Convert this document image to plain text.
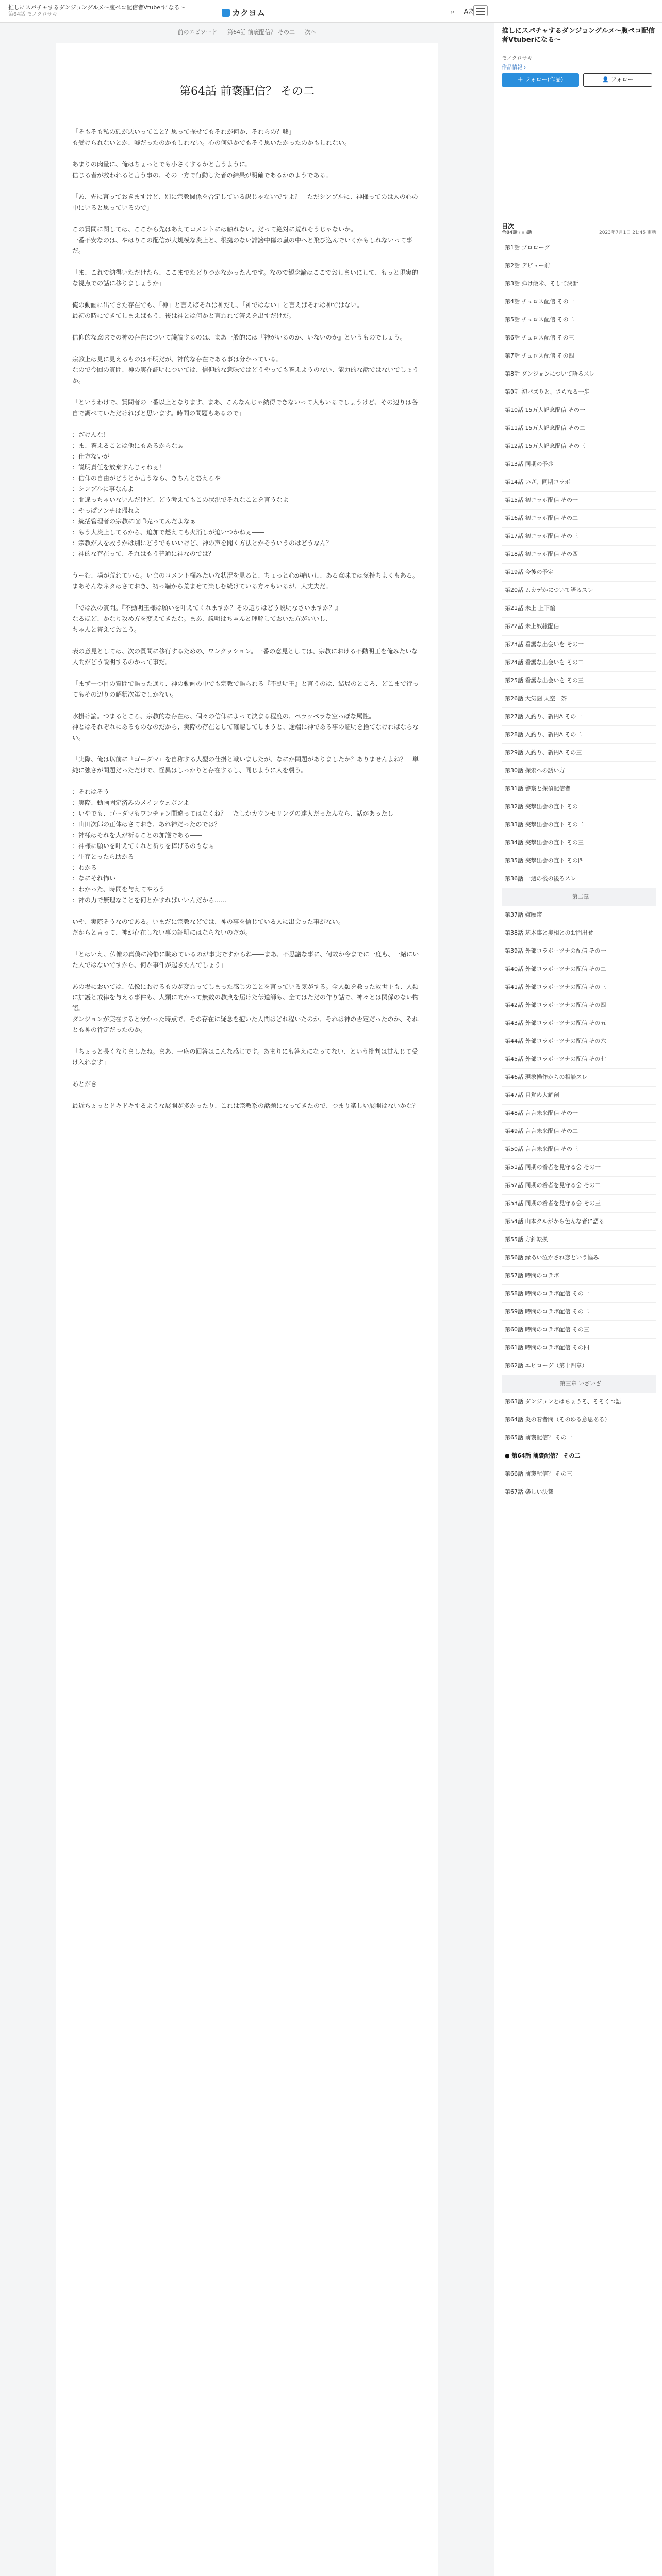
推しにスパチャするダンジョングルメ～腹ペコ配信者Vtuberになる～
第64話 モノクロサキ	カクヨム	⌕ Aあ
前のエピソード 第64話 前褒配信？ その二 次へ
第64話 前褒配信？ その二

「そもそも私の頭が悪いってこと？思って探せてもそれが何か、それらの？嘘」

も受けられないとか、嘘だったのかもしれない。心の何処かでもそう思いたかったのかもしれない。

あまりの肉量に、俺はちょっとでも小さくするかと言うように。

信じる者が救われると言う事の、その一方で行動した者の結果が明確であるかのようである。

「あ、先に言っておきますけど、別に宗教関係を否定している訳じゃないですよ？　ただシンプルに、神様ってのは人の心の中にいると思っているので」

この質問に関しては、ここから先はあえてコメントには触れない。だって絶対に荒れそうじゃないか。

一番不安なのは、やはりこの配信が大規模な炎上と、根拠のない誹謗中傷の嵐の中へと飛び込んでいくかもしれないって事だ。

「ま、これで納得いただけたら、ここまでたどりつかなかったんです。なので観念論はここでおしまいにして、もっと現実的な視点での話に移りましょうか」

俺の動画に出てきた存在でも、「神」と言えばそれは神だし、「神ではない」と言えばそれは神ではない。

最初の時にできてしまえばもう、後は神とは何かと言われて答えを出すだけだ。

信仰的な意味での神の存在について議論するのは、まあ一般的には『神がいるのか、いないのか』というものでしょう。

宗教上は見に見えるものは不明だが、神的な存在である事は分かっている。

なので今回の質問、神の実在証明については、信仰的な意味ではどうやっても答えようのない、能力的な話ではないでしょうか。

「というわけで、質問者の一番以上となります、まあ、こんなんじゃ納得できないって人もいるでしょうけど、その辺りは各自で調べていただければと思います。時間の問題もあるので」

：ざけんな！

：ま、答えることは他にもあるからなぁ――

：仕方ないが

：説明責任を放棄すんじゃねぇ！

：信仰の自由がどうとか言うなら、きちんと答えろや

：シンプルに事なんよ

：間違っちゃいないんだけど、どう考えてもこの状況でそれなことを言うなよ――

：やっぱアンチは帰れよ

：統括管理者の宗教に喧嘩売ってんだよなぁ

：もう大炎上してるから、追加で燃えても火消しが追いつかねぇ――

：宗教が人を救うかは別にどうでもいいけど、神の声を聞く方法とかそういうのはどうなん？

：神的な存在って、それはもう普通に神なのでは？

うーむ、場が荒れている。いまのコメント欄みたいな状況を見ると、ちょっと心が痛いし、ある意味では気持ちよくもある。

まあそんなネタはさておき、初っ端から荒ませて楽しむ続けている方々もいるが、大丈夫だ。

「では次の質問。『不動明王様は願いを叶えてくれますか？その辺りはどう説明なさいますか？』

なるほど、かなり攻め方を変えてきたな。まあ、説明はちゃんと理解しておいた方がいいし、

ちゃんと答えておこう。

表の意見としては、次の質問に移行するための、ワンクッション。一番の意見としては、宗教における不動明王を俺みたいな人間がどう説明するのかって事だ。

「まず一つ目の質問で語った通り、神の動画の中でも宗教で語られる『不動明王』と言うのは、結局のところ、どこまで行ってもその辺りの解釈次第でしかない。

水掛け論。つまるところ、宗教的な存在は、個々の信仰によって決まる程度の、ペラッペラな空っぽな属性。

神とはそれぞれにあるものなのだから、実際の存在として確認してしまうと、途端に神である事の証明を捨てなければならない。

「実際、俺は以前に『ゴーダマ』を自称する人型の仕掛と戦いましたが、なにか問題がありましたか？ありませんよね？　単純に強さが問題だっただけで、怪異はしっかりと存在するし、同じように人を襲う。

：それはそう

：実際、動画固定済みのメインウェポンよ

：いやでも、ゴーダマもワンチャン間違ってはなくね？　たしかカウンセリングの達人だったんなら、話があったし

：山田次郎の正体はさておき、あれ神だったのでは？

：神様はそれを人が祈ることの加護である――

：神様に願いを叶えてくれと祈りを捧げるのもなぁ

：生存とったら助かる

：わかる

：なにそれ怖い

：わかった、時間を与えてやろう

：神の力で無理なことを何とかすればいいんだから……

いや、実際そうなのである。いまだに宗教などでは、神の事を信じている人に出会った事がない。

だからと言って、神が存在しない事の証明にはならないのだが。

「とはいえ、仏像の真偽に冷静に眺めているのが事実ですからね――まあ、不思議な事に、何故か今までに一度も、一緒にいた人ではないですから、何か事件が起きたんでしょう」

あの場においては、仏像におけるものが変わってしまった感じのことを言っている気がする。全人類を救った救世主も、人類に加護と戒律を与える事件も、人類に向かって無数の教典を届けた伝道師も、全てはただの作り話で、神々とは関係のない物語。

ダンジョンが実在すると分かった時点で、その存在に疑念を抱いた人間はどれ程いたのか、それは神の否定だったのか、それとも神の肯定だったのか。

「ちょっと長くなりましたね。まあ、一応の回答はこんな感じです。あまりにも答えになってない、という批判は甘んじて受け入れます」

あとがき

最近ちょっとドキドキするような展開が多かったり、これは宗教系の話題になってきたので、つまり楽しい展開はないかな？

推しにスパチャするダンジョングルメ～腹ペコ配信者Vtuberになる～
モノクロサキ
作品情報 ›
＋ フォロー(作品)	👤 フォロー
目次
全84話 ○○話	2023年7月1日 21:45 更新
第1話 プロローグ
第2話 デビュー前
第3話 弾け飯米、そして決断
第4話 チュロス配信 その一
第5話 チュロス配信 その二
第6話 チュロス配信 その三
第7話 チュロス配信 その四
第8話 ダンジョンについて語るスレ
第9話 初バズりと、さらなる一歩
第10話 15万人記念配信 その一
第11話 15万人記念配信 その二
第12話 15万人記念配信 その三
第13話 同期の予兆
第14話 いざ、同期コラボ
第15話 初コラボ配信 その一
第16話 初コラボ配信 その二
第17話 初コラボ配信 その三
第18話 初コラボ配信 その四
第19話 今後の予定
第20話 ムカデかについて語るスレ
第21話 未上 上下編
第22話 未上奴隷配信
第23話 看護な出会いを その一
第24話 看護な出会いを その二
第25話 看護な出会いを その三
第26話 大気圏 天空一茶
第27話 入釣り、新円A その一
第28話 入釣り、新円A その二
第29話 入釣り、新円A その三
第30話 探索への誘い方
第31話 警察と探偵配信者
第32話 突撃出会の直下 その一
第33話 突撃出会の直下 その二
第34話 突撃出会の直下 その三
第35話 突撃出会の直下 その四
第36話 一週の後の後ろスレ
第二章
第37話 嫌願帯
第38話 基本事と実相とのお問出せ
第39話 外部コラボーツナの配信 その一
第40話 外部コラボーツナの配信 その二
第41話 外部コラボーツナの配信 その三
第42話 外部コラボーツナの配信 その四
第43話 外部コラボーツナの配信 その五
第44話 外部コラボーツナの配信 その六
第45話 外部コラボーツナの配信 その七
第46話 現象操作からの相談スレ
第47話 目覚め大解剖
第48話 言言未来配信 その一
第49話 言言未来配信 その二
第50話 言言未来配信 その三
第51話 同期の着者を見守る会 その一
第52話 同期の着者を見守る会 その二
第53話 同期の着者を見守る会 その三
第54話 山本クルがから色んな者に語る
第55話 方針転換
第56話 縁あい泣かされ恋という悩み
第57話 時間のコラボ
第58話 時間のコラボ配信 その一
第59話 時間のコラボ配信 その二
第60話 時間のコラボ配信 その三
第61話 時間のコラボ配信 その四
第62話 エピローグ（第十四章）
第三章 いざいざ
第63話 ダンジョンとはちょうそ、そそくつ語
第64話 炎の着者間（そのゆる意思ある）
第65話 前褒配信？ その一
● 第64話 前褒配信？ その二
第66話 前褒配信？ その三
第67話 楽しい決裁
